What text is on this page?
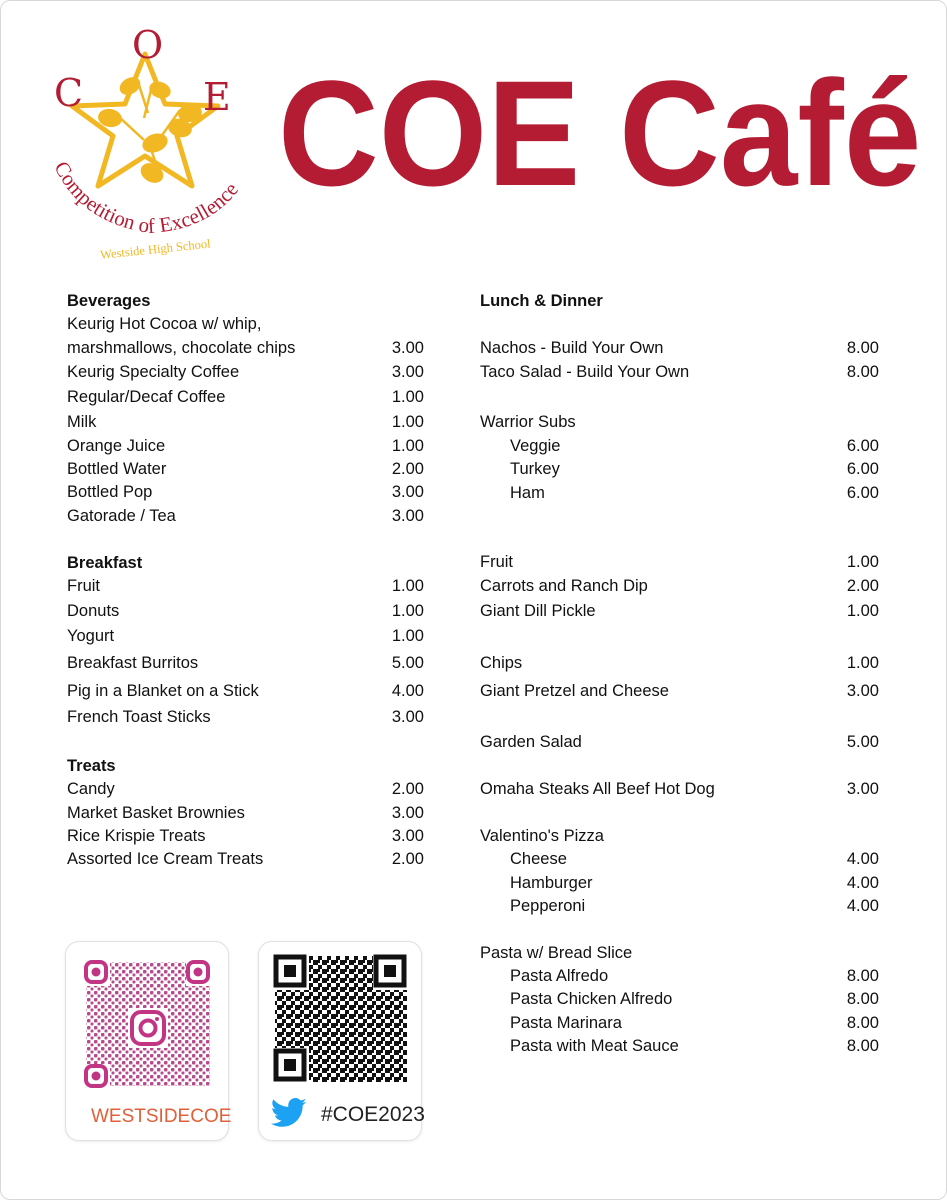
C
O
E
Competition of Excellence
Westside High School
COE Café
Beverages
Keurig Hot Cocoa w/ whip,
marshmallows, chocolate chips	3.00
Keurig Specialty Coffee	3.00
Regular/Decaf Coffee	1.00
Milk	1.00
Orange Juice	1.00
Bottled Water	2.00
Bottled Pop	3.00
Gatorade / Tea	3.00
Breakfast
Fruit	1.00
Donuts	1.00
Yogurt	1.00
Breakfast Burritos	5.00
Pig in a Blanket on a Stick	4.00
French Toast Sticks	3.00
Treats
Candy	2.00
Market Basket Brownies	3.00
Rice Krispie Treats	3.00
Assorted Ice Cream Treats	2.00
Lunch & Dinner
Nachos - Build Your Own	8.00
Taco Salad - Build Your Own	8.00
Warrior Subs
Veggie	6.00
Turkey	6.00
Ham	6.00
Fruit	1.00
Carrots and Ranch Dip	2.00
Giant Dill Pickle	1.00
Chips	1.00
Giant Pretzel and Cheese	3.00
Garden Salad	5.00
Omaha Steaks All Beef Hot Dog	3.00
Valentino's Pizza
Cheese	4.00
Hamburger	4.00
Pepperoni	4.00
Pasta w/ Bread Slice
Pasta Alfredo	8.00
Pasta Chicken Alfredo	8.00
Pasta Marinara	8.00
Pasta with Meat Sauce	8.00
WESTSIDECOE	#COE2023
